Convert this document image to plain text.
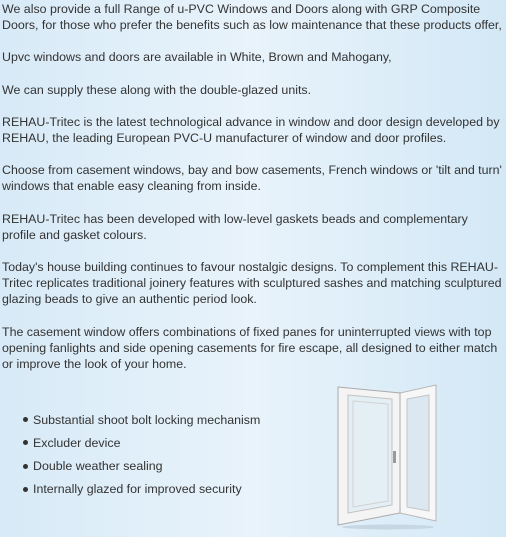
We also provide a full Range of u-PVC Windows and Doors along with GRP Composite Doors, for those who prefer the benefits such as low maintenance that these products offer,

Upvc windows and doors are available in White, Brown and Mahogany,

We can supply these along with the double-glazed units.

REHAU-Tritec is the latest technological advance in window and door design developed by REHAU, the leading European PVC-U manufacturer of window and door profiles.

Choose from casement windows, bay and bow casements, French windows or 'tilt and turn' windows that enable easy cleaning from inside.

REHAU-Tritec has been developed with low-level gaskets beads and complementary profile and gasket colours.

Today's house building continues to favour nostalgic designs. To complement this REHAU-Tritec replicates traditional joinery features with sculptured sashes and matching sculptured glazing beads to give an authentic period look.

The casement window offers combinations of fixed panes for uninterrupted views with top opening fanlights and side opening casements for fire escape, all designed to either match or improve the look of your home.

Substantial shoot bolt locking mechanism
Excluder device
Double weather sealing
Internally glazed for improved security
